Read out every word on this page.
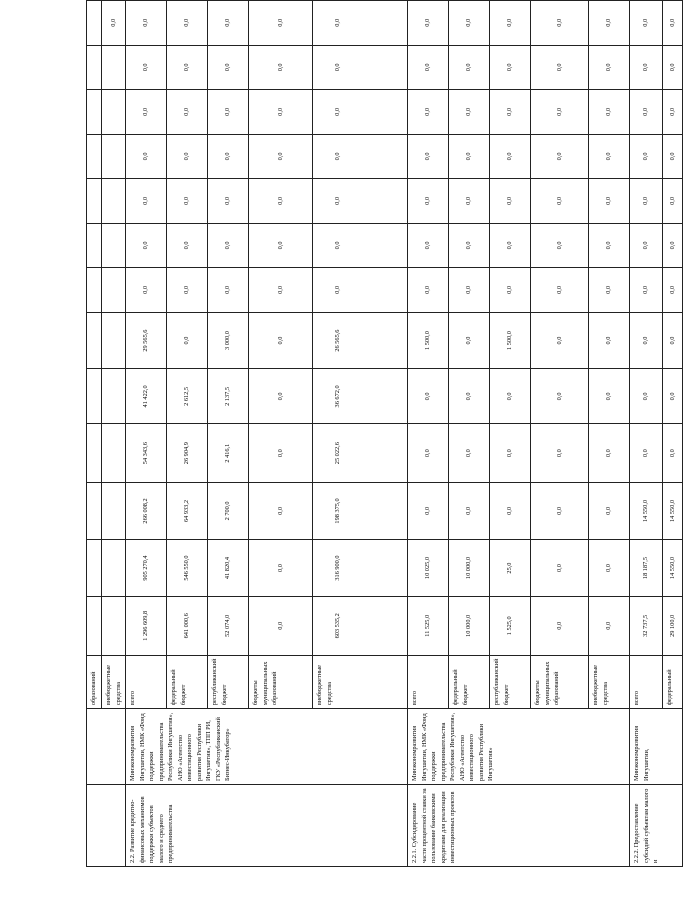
		образований													
		внебюджетные средства													0,0
2.2. Развитие кредитно-финансовых механизмов поддержки субъектов малого и среднего предпринимательства	Минэкономразвития Ингушетии, НМК «Фонд поддержки предпринимательства Республики Ингушетия», АНО «Агентство инвестиционного развития Республики Ингушетия», ТПП РИ, ГКУ «Республиканский Бизнес-Инкубатор»	всего	1 296 609,8	905 270,4	266 008,2	54 343,6	41 422,0	29 565,6	0,0	0,0	0,0	0,0	0,0	0,0	0,0
		федеральный бюджет	641 000,6	546 550,0	64 933,2	26 904,9	2 612,5	0,0	0,0	0,0	0,0	0,0	0,0	0,0	0,0
		республиканский бюджет	52 074,0	41 820,4	2 700,0	2 416,1	2 137,5	3 000,0	0,0	0,0	0,0	0,0	0,0	0,0	0,0
		бюджеты муниципальных образований	0,0	0,0	0,0	0,0	0,0	0,0	0,0	0,0	0,0	0,0	0,0	0,0	0,0
		внебюджетные средства	603 535,2	316 900,0	198 375,0	25 022,6	36 672,0	26 565,6	0,0	0,0	0,0	0,0	0,0	0,0	0,0
2.2.1. Субсидирование части процентной ставки за пользование банковскими кредитами для реализации инвестиционных проектов	Минэкономразвития Ингушетии, НМК «Фонд поддержки предпринимательства Республики Ингушетия», АНО «Агентство инвестиционного развития Республики Ингушетия»	всего	11 525,0	10 025,0	0,0	0,0	0,0	1 500,0	0,0	0,0	0,0	0,0	0,0	0,0	0,0
		федеральный бюджет	10 000,0	10 000,0	0,0	0,0	0,0	0,0	0,0	0,0	0,0	0,0	0,0	0,0	0,0
		республиканский бюджет	1 525,0	25,0	0,0	0,0	0,0	1 500,0	0,0	0,0	0,0	0,0	0,0	0,0	0,0
		бюджеты муниципальных образований	0,0	0,0	0,0	0,0	0,0	0,0	0,0	0,0	0,0	0,0	0,0	0,0	0,0
		внебюджетные средства	0,0	0,0	0,0	0,0	0,0	0,0	0,0	0,0	0,0	0,0	0,0	0,0	0,0
2.2.2. Предоставление субсидий субъектам малого и	Минэкономразвития Ингушетии,	всего	32 737,5	18 187,5	14 550,0	0,0	0,0	0,0	0,0	0,0	0,0	0,0	0,0	0,0	0,0
		федеральный	29 100,0	14 550,0	14 550,0	0,0	0,0	0,0	0,0	0,0	0,0	0,0	0,0	0,0	0,0
